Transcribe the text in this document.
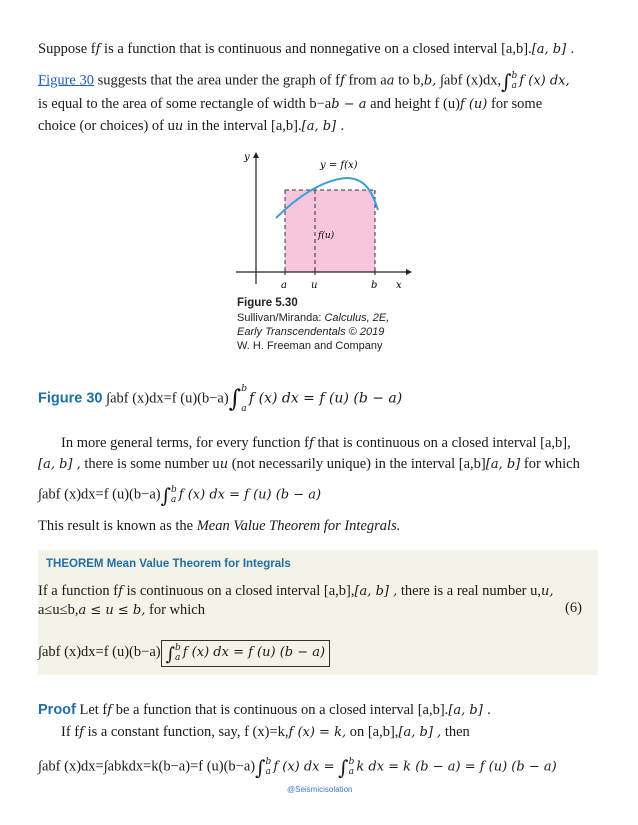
Suppose ff is a function that is continuous and nonnegative on a closed interval [a,b].[a, b] .
Figure 30 suggests that the area under the graph of ff from aa to b,b, ∫abf (x)dx,∫b
a f (x) dx,
is equal to the area of some rectangle of width b−ab − a and height f (u)f (u) for some
choice (or choices) of uu in the interval [a,b].[a, b] .
y
x
y = f(x)
f(u)
a u	b
Figure 5.30
Sullivan/Miranda: Calculus, 2E,
Early Transcendentals © 2019
W. H. Freeman and Company
Figure 30 ∫abf (x)dx=f (u)(b−a)∫b

af (x) dx = f (u) (b − a)
In more general terms, for every function ff that is continuous on a closed interval [a,b],
[a, b] , there is some number uu (not necessarily unique) in the interval [a,b][a, b] for which
∫abf (x)dx=f (u)(b−a)∫b
a f (x) dx = f (u) (b − a)
This result is known as the Mean Value Theorem for Integrals.
THEOREM Mean Value Theorem for Integrals
If a function ff is continuous on a closed interval [a,b],[a, b] , there is a real number u,u,
a≤u≤b,a ≤ u ≤ b, for which	(6)
∫abf (x)dx=f (u)(b−a) ∫b
a f (x) dx = f (u) (b − a)
Proof Let ff be a function that is continuous on a closed interval [a,b].[a, b] .
If ff is a constant function, say, f (x)=k,f (x) = k, on [a,b],[a, b] , then
∫abf (x)dx=∫abkdx=k(b−a)=f (u)(b−a)∫b
a f (x) dx = ∫b
a k dx = k (b − a) = f (u) (b − a)
@Seismicisolation
